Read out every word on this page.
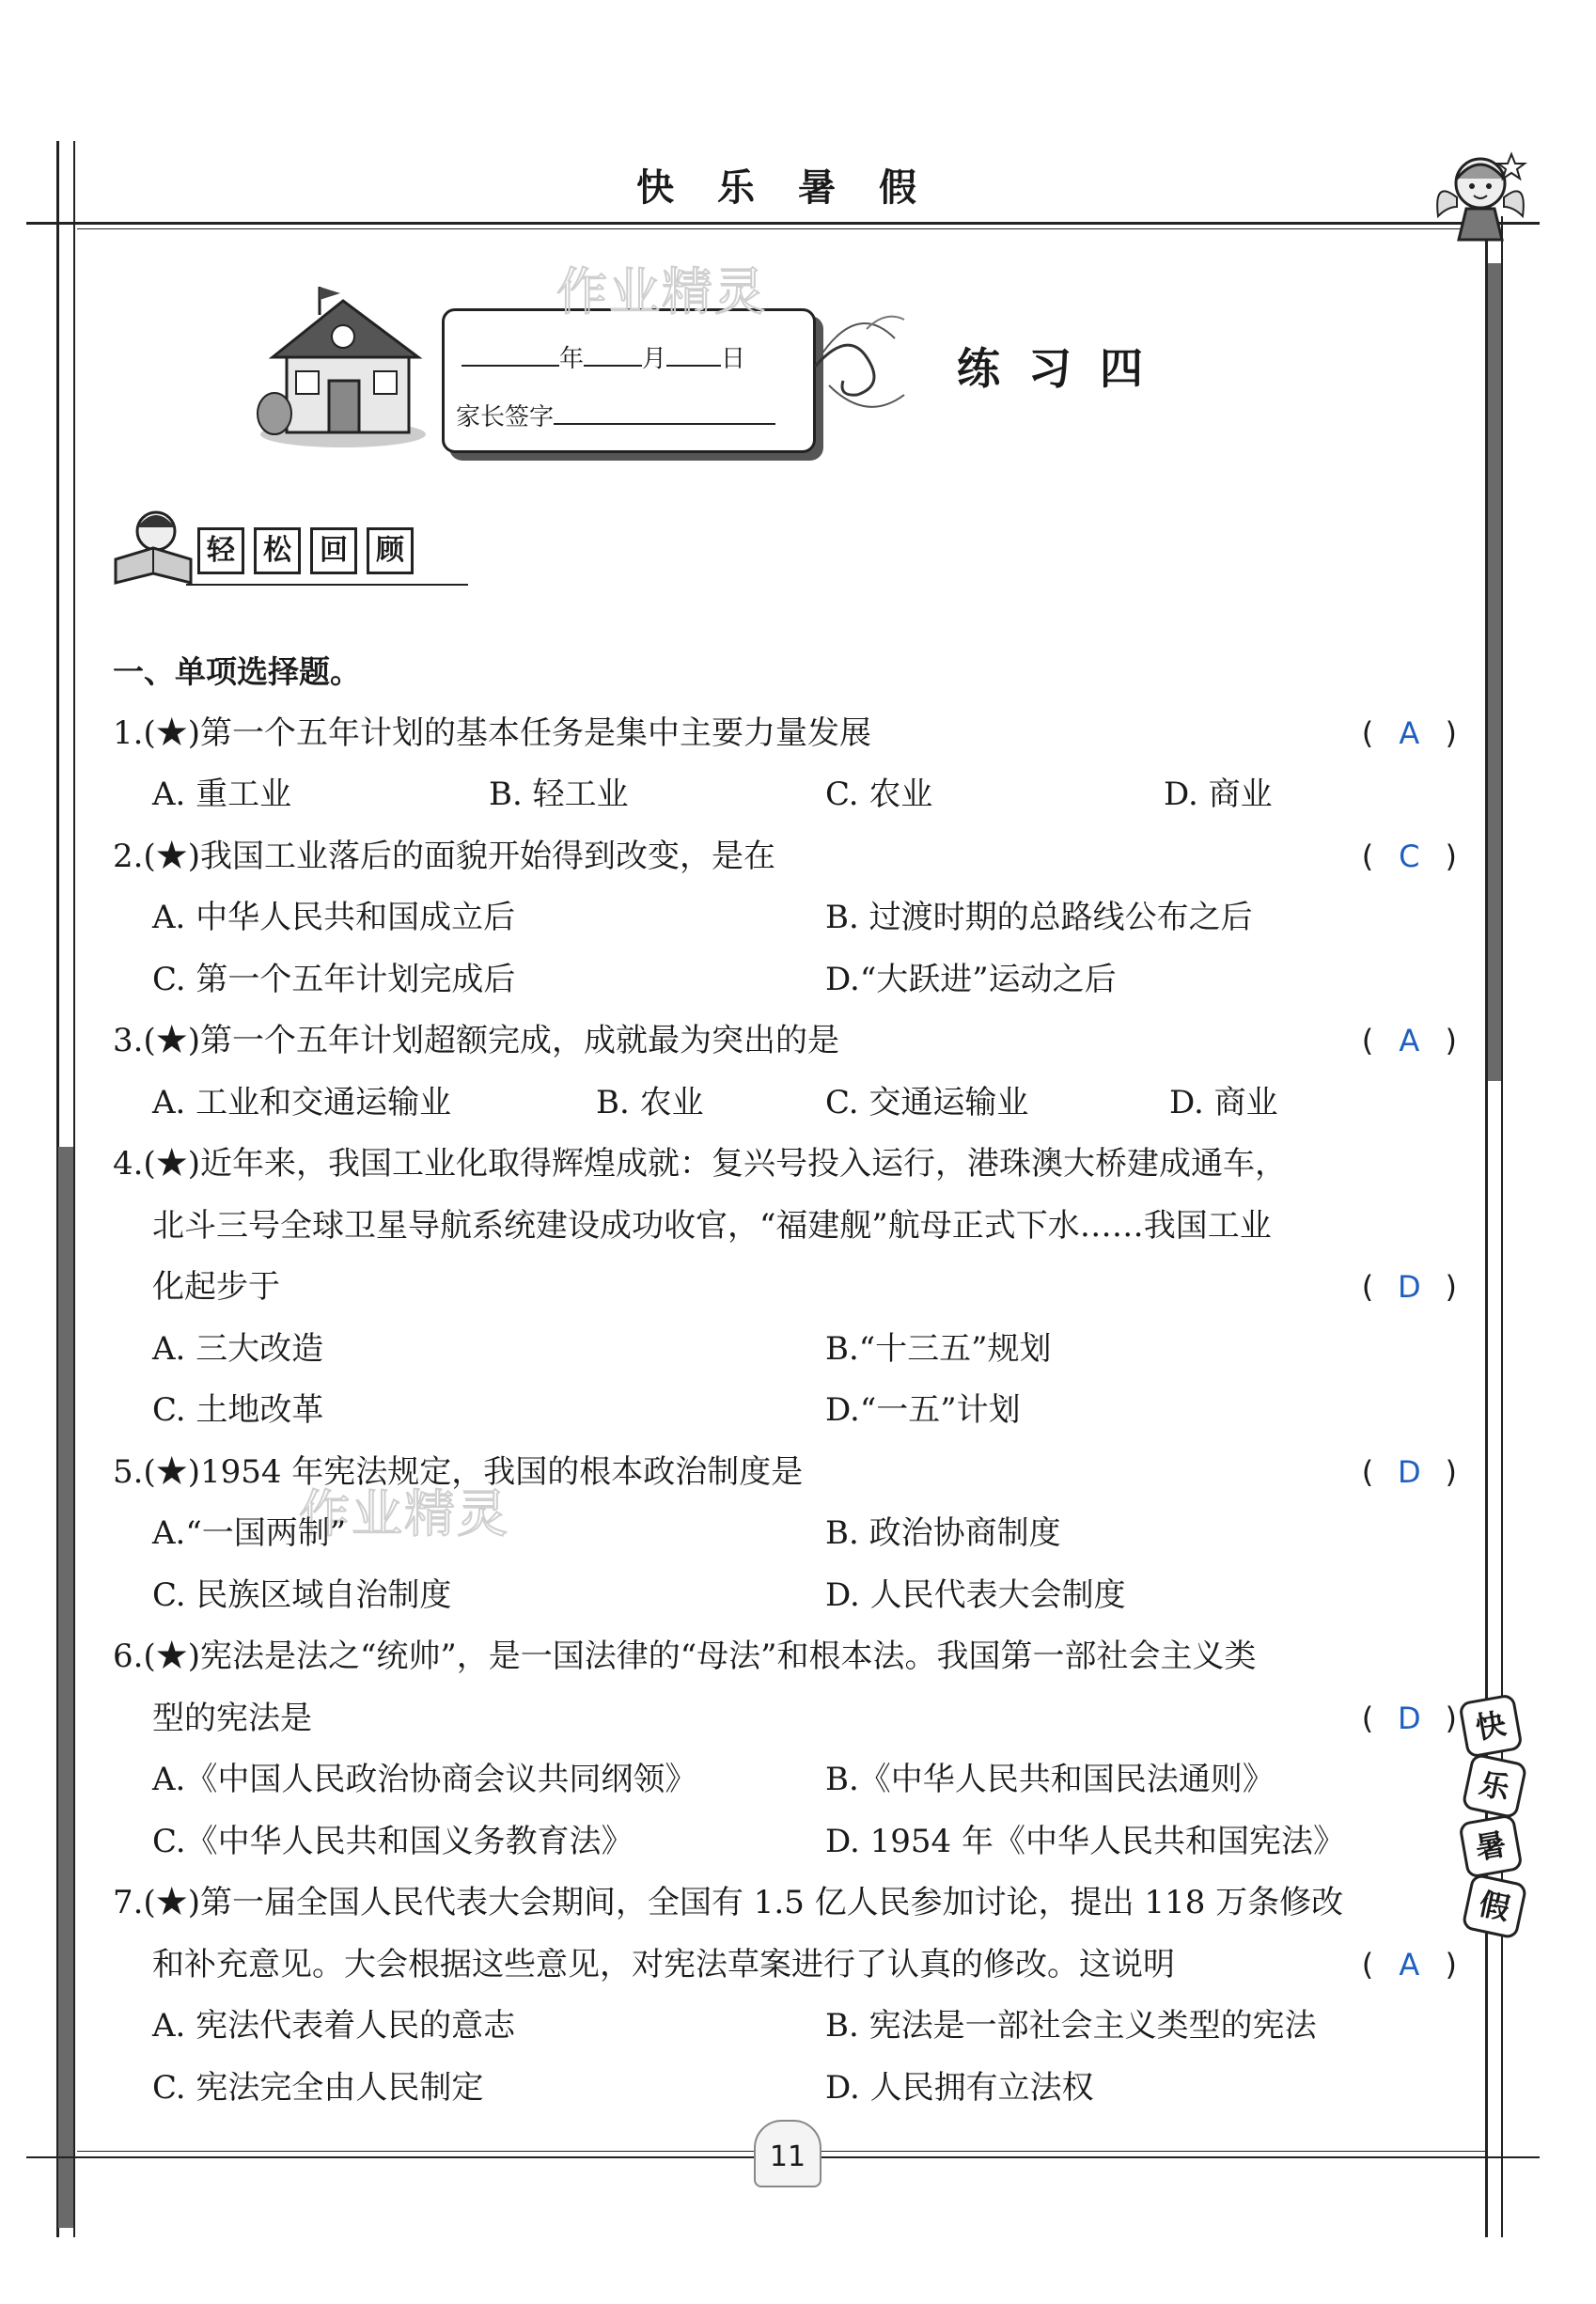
快乐暑假
年 月 日
家长签字
练习四
作业精灵
作业精灵
轻	松	回	顾
一、单项选择题。
1.(★)第一个五年计划的基本任务是集中主要力量发展	( A )
A. 重工业	B. 轻工业	C. 农业	D. 商业
2.(★)我国工业落后的面貌开始得到改变，是在	( C )
A. 中华人民共和国成立后	B. 过渡时期的总路线公布之后
C. 第一个五年计划完成后	D.“大跃进”运动之后
3.(★)第一个五年计划超额完成，成就最为突出的是	( A )
A. 工业和交通运输业	B. 农业	C. 交通运输业	D. 商业
4.(★)近年来，我国工业化取得辉煌成就：复兴号投入运行，港珠澳大桥建成通车，
北斗三号全球卫星导航系统建设成功收官，“福建舰”航母正式下水……我国工业
化起步于	( D )
A. 三大改造	B.“十三五”规划
C. 土地改革	D.“一五”计划
5.(★)1954 年宪法规定，我国的根本政治制度是	( D )
A.“一国两制”	B. 政治协商制度
C. 民族区域自治制度	D. 人民代表大会制度
6.(★)宪法是法之“统帅”，是一国法律的“母法”和根本法。我国第一部社会主义类
型的宪法是	( D )
A.《中国人民政治协商会议共同纲领》	B.《中华人民共和国民法通则》
C.《中华人民共和国义务教育法》	D. 1954 年《中华人民共和国宪法》
7.(★)第一届全国人民代表大会期间，全国有 1.5 亿人民参加讨论，提出 118 万条修改
和补充意见。大会根据这些意见，对宪法草案进行了认真的修改。这说明	( A )
A. 宪法代表着人民的意志	B. 宪法是一部社会主义类型的宪法
C. 宪法完全由人民制定	D. 人民拥有立法权
快
乐
暑
假
11
